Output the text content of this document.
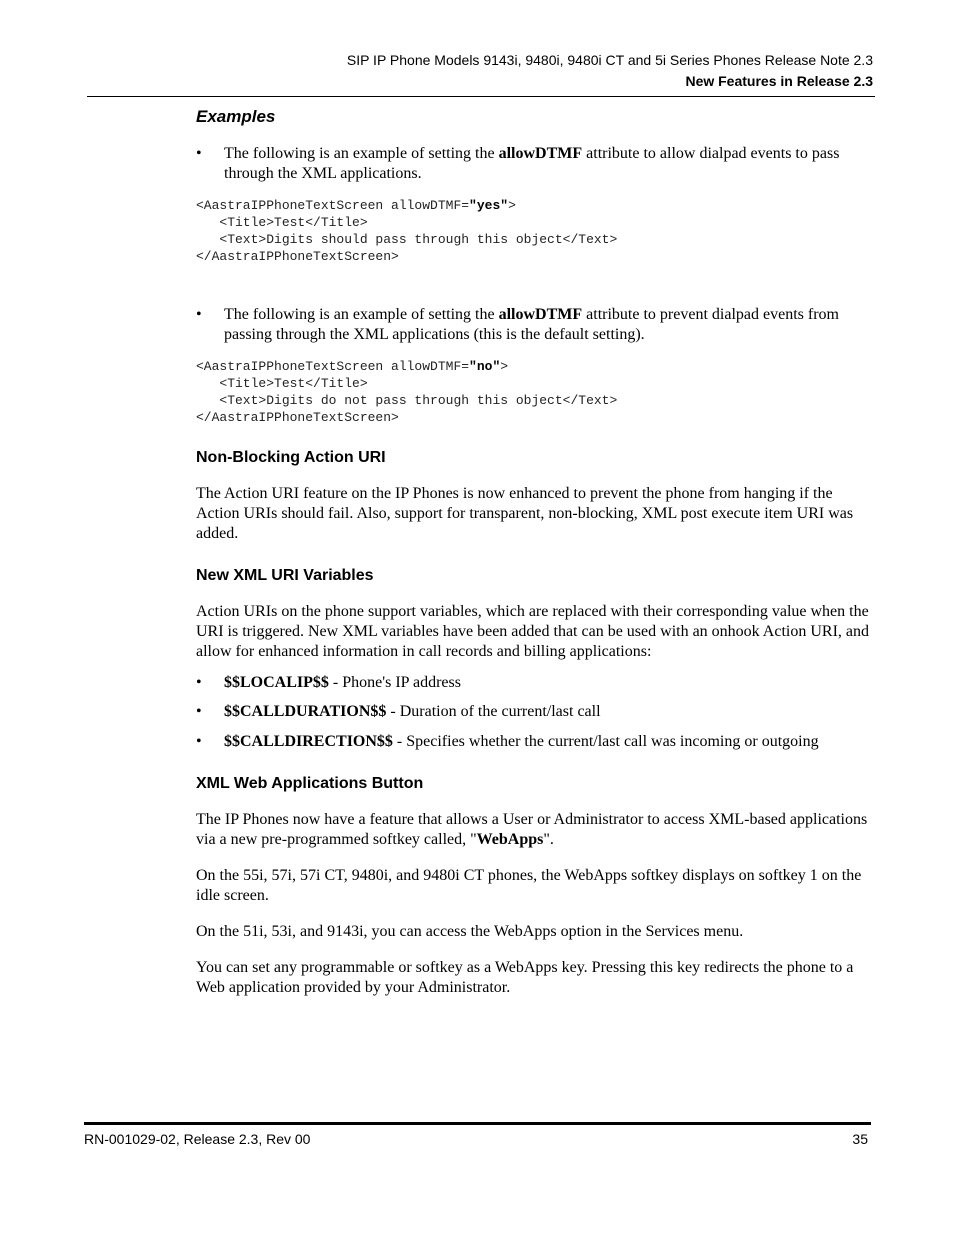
SIP IP Phone Models 9143i, 9480i, 9480i CT and 5i Series Phones Release Note 2.3
New Features in Release 2.3
Examples
• The following is an example of setting the allowDTMF attribute to allow dialpad events to pass through the XML applications.
<AastraIPPhoneTextScreen allowDTMF="yes">
<Title>Test</Title>
<Text>Digits should pass through this object</Text>
</AastraIPPhoneTextScreen>
• The following is an example of setting the allowDTMF attribute to prevent dialpad events from passing through the XML applications (this is the default setting).
<AastraIPPhoneTextScreen allowDTMF="no">
<Title>Test</Title>
<Text>Digits do not pass through this object</Text>
</AastraIPPhoneTextScreen>
Non-Blocking Action URI
The Action URI feature on the IP Phones is now enhanced to prevent the phone from hanging if the Action URIs should fail. Also, support for transparent, non-blocking, XML post execute item URI was added.
New XML URI Variables
Action URIs on the phone support variables, which are replaced with their corresponding value when the URI is triggered. New XML variables have been added that can be used with an onhook Action URI, and allow for enhanced information in call records and billing applications:
• $$LOCALIP$$ - Phone's IP address
• $$CALLDURATION$$ - Duration of the current/last call
• $$CALLDIRECTION$$ - Specifies whether the current/last call was incoming or outgoing
XML Web Applications Button
The IP Phones now have a feature that allows a User or Administrator to access XML-based applications via a new pre-programmed softkey called, "WebApps".
On the 55i, 57i, 57i CT, 9480i, and 9480i CT phones, the WebApps softkey displays on softkey 1 on the idle screen.
On the 51i, 53i, and 9143i, you can access the WebApps option in the Services menu.
You can set any programmable or softkey as a WebApps key. Pressing this key redirects the phone to a Web application provided by your Administrator.
RN-001029-02, Release 2.3, Rev 00	35
